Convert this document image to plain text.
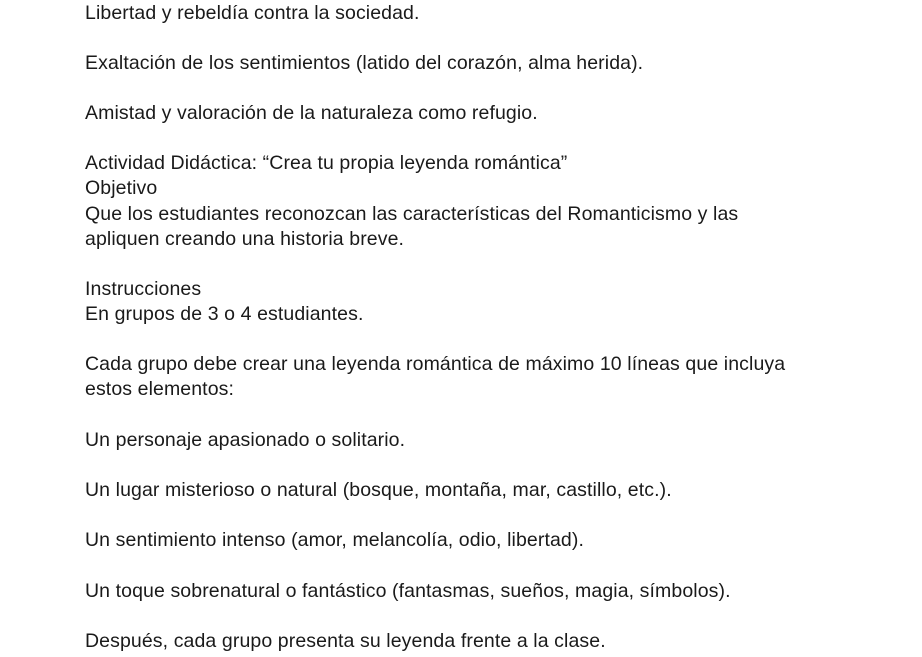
Libertad y rebeldía contra la sociedad.
Exaltación de los sentimientos (latido del corazón, alma herida).
Amistad y valoración de la naturaleza como refugio.
Actividad Didáctica: “Crea tu propia leyenda romántica”
Objetivo
Que los estudiantes reconozcan las características del Romanticismo y las
apliquen creando una historia breve.
Instrucciones
En grupos de 3 o 4 estudiantes.
Cada grupo debe crear una leyenda romántica de máximo 10 líneas que incluya
estos elementos:
Un personaje apasionado o solitario.
Un lugar misterioso o natural (bosque, montaña, mar, castillo, etc.).
Un sentimiento intenso (amor, melancolía, odio, libertad).
Un toque sobrenatural o fantástico (fantasmas, sueños, magia, símbolos).
Después, cada grupo presenta su leyenda frente a la clase.
